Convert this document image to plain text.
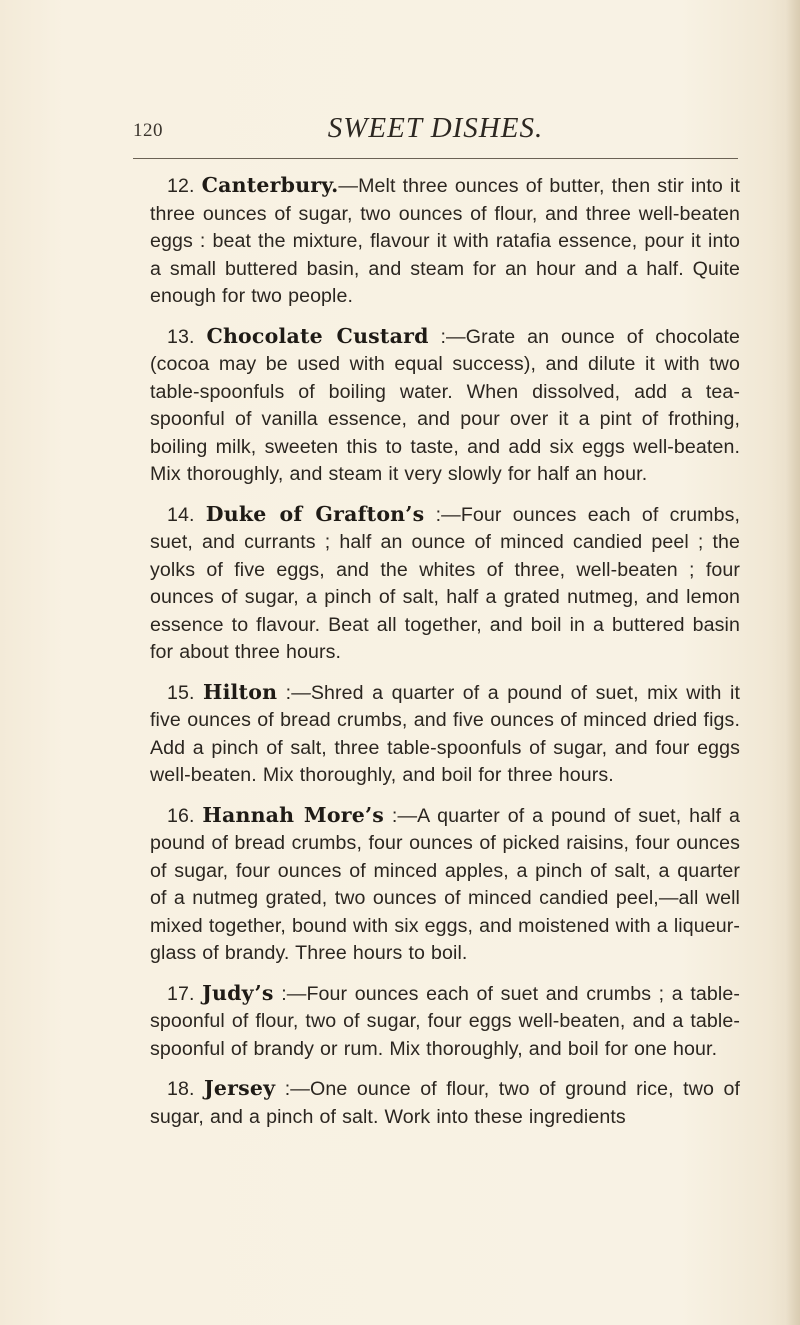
120	SWEET DISHES.

12. Canterbury.—Melt three ounces of butter, then stir into it three ounces of sugar, two ounces of flour, and three well-beaten eggs : beat the mixture, flavour it with ratafia essence, pour it into a small buttered basin, and steam for an hour and a half. Quite enough for two people.

13. Chocolate Custard :—Grate an ounce of chocolate (cocoa may be used with equal success), and dilute it with two table-spoonfuls of boiling water. When dissolved, add a tea-spoonful of vanilla essence, and pour over it a pint of frothing, boiling milk, sweeten this to taste, and add six eggs well-beaten. Mix thoroughly, and steam it very slowly for half an hour.

14. Duke of Grafton’s :—Four ounces each of crumbs, suet, and currants ; half an ounce of minced candied peel ; the yolks of five eggs, and the whites of three, well-beaten ; four ounces of sugar, a pinch of salt, half a grated nutmeg, and lemon essence to flavour. Beat all together, and boil in a buttered basin for about three hours.

15. Hilton :—Shred a quarter of a pound of suet, mix with it five ounces of bread crumbs, and five ounces of minced dried figs. Add a pinch of salt, three table-spoonfuls of sugar, and four eggs well-beaten. Mix thoroughly, and boil for three hours.

16. Hannah More’s :—A quarter of a pound of suet, half a pound of bread crumbs, four ounces of picked raisins, four ounces of sugar, four ounces of minced apples, a pinch of salt, a quarter of a nutmeg grated, two ounces of minced candied peel,—all well mixed together, bound with six eggs, and moistened with a liqueur-glass of brandy. Three hours to boil.

17. Judy’s :—Four ounces each of suet and crumbs ; a table-spoonful of flour, two of sugar, four eggs well-beaten, and a table-spoonful of brandy or rum. Mix thoroughly, and boil for one hour.

18. Jersey :—One ounce of flour, two of ground rice, two of sugar, and a pinch of salt. Work into these ingredients
